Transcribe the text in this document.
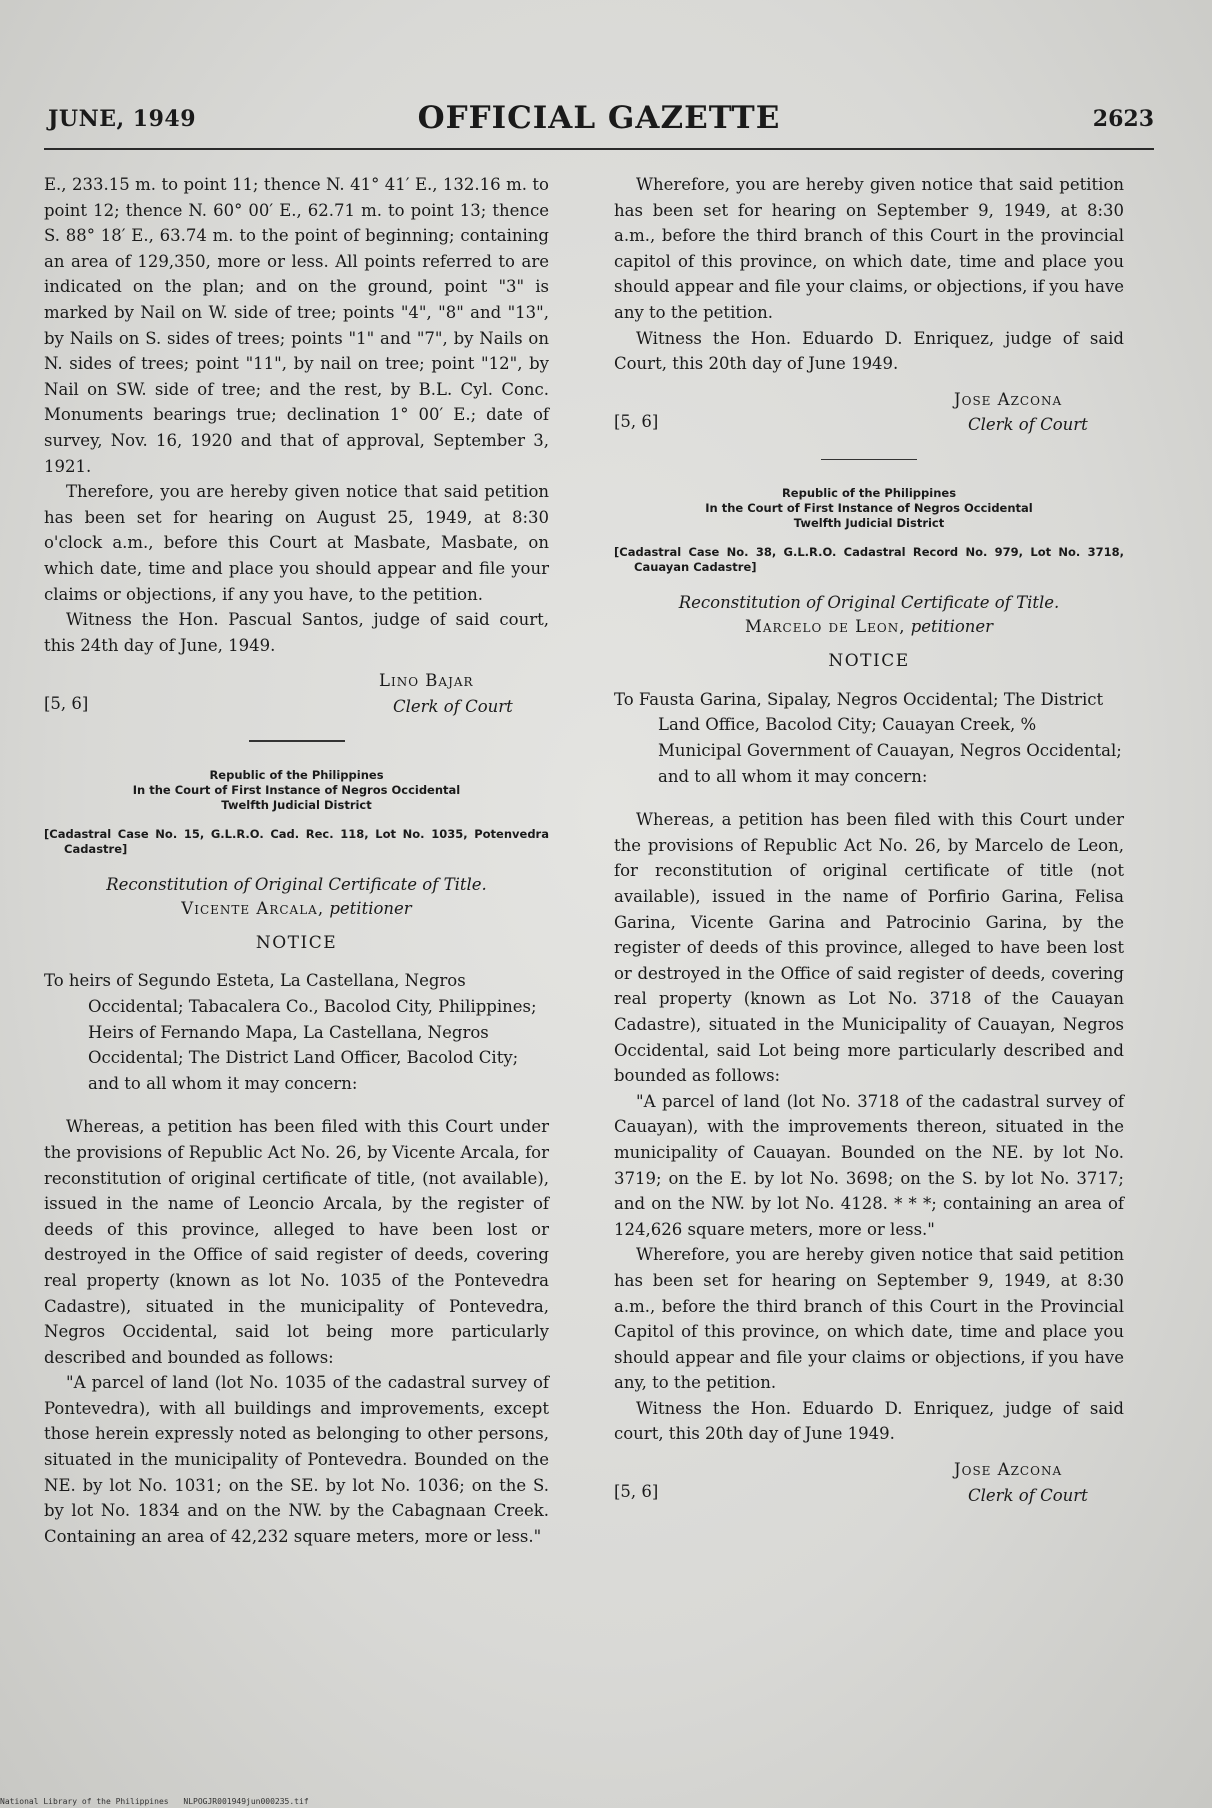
JUNE, 1949	OFFICIAL GAZETTE	2623

E., 233.15 m. to point 11; thence N. 41° 41′ E., 132.16 m. to point 12; thence N. 60° 00′ E., 62.71 m. to point 13; thence S. 88° 18′ E., 63.74 m. to the point of beginning; containing an area of 129,350, more or less. All points referred to are indicated on the plan; and on the ground, point "3" is marked by Nail on W. side of tree; points "4", "8" and "13", by Nails on S. sides of trees; points "1" and "7", by Nails on N. sides of trees; point "11", by nail on tree; point "12", by Nail on SW. side of tree; and the rest, by B.L. Cyl. Conc. Monuments bearings true; declination 1° 00′ E.; date of survey, Nov. 16, 1920 and that of approval, September 3, 1921.

Therefore, you are hereby given notice that said petition has been set for hearing on August 25, 1949, at 8:30 o'clock a.m., before this Court at Masbate, Masbate, on which date, time and place you should appear and file your claims or objections, if any you have, to the petition.

Witness the Hon. Pascual Santos, judge of said court, this 24th day of June, 1949.

[5, 6]
Lino Bajar
Clerk of Court
Republic of the Philippines
In the Court of First Instance of Negros Occidental
Twelfth Judicial District

[Cadastral Case No. 15, G.L.R.O. Cad. Rec. 118, Lot No. 1035, Potenvedra Cadastre]

Reconstitution of Original Certificate of Title.
Vicente Arcala, petitioner
NOTICE

To heirs of Segundo Esteta, La Castellana, Negros Occidental; Tabacalera Co., Bacolod City, Philippines; Heirs of Fernando Mapa, La Castellana, Negros Occidental; The District Land Officer, Bacolod City; and to all whom it may concern:

Whereas, a petition has been filed with this Court under the provisions of Republic Act No. 26, by Vicente Arcala, for reconstitution of original certificate of title, (not available), issued in the name of Leoncio Arcala, by the register of deeds of this province, alleged to have been lost or destroyed in the Office of said register of deeds, covering real property (known as lot No. 1035 of the Pontevedra Cadastre), situated in the municipality of Pontevedra, Negros Occidental, said lot being more particularly described and bounded as follows:

"A parcel of land (lot No. 1035 of the cadastral survey of Pontevedra), with all buildings and improvements, except those herein expressly noted as belonging to other persons, situated in the municipality of Pontevedra. Bounded on the NE. by lot No. 1031; on the SE. by lot No. 1036; on the S. by lot No. 1834 and on the NW. by the Cabagnaan Creek. Containing an area of 42,232 square meters, more or less."

Wherefore, you are hereby given notice that said petition has been set for hearing on September 9, 1949, at 8:30 a.m., before the third branch of this Court in the provincial capitol of this province, on which date, time and place you should appear and file your claims, or objections, if you have any to the petition.

Witness the Hon. Eduardo D. Enriquez, judge of said Court, this 20th day of June 1949.

[5, 6]
Jose Azcona
Clerk of Court
Republic of the Philippines
In the Court of First Instance of Negros Occidental
Twelfth Judicial District

[Cadastral Case No. 38, G.L.R.O. Cadastral Record No. 979, Lot No. 3718, Cauayan Cadastre]

Reconstitution of Original Certificate of Title.
Marcelo de Leon, petitioner
NOTICE

To Fausta Garina, Sipalay, Negros Occidental; The District Land Office, Bacolod City; Cauayan Creek, % Municipal Government of Cauayan, Negros Occidental; and to all whom it may concern:

Whereas, a petition has been filed with this Court under the provisions of Republic Act No. 26, by Marcelo de Leon, for reconstitution of original certificate of title (not available), issued in the name of Porfirio Garina, Felisa Garina, Vicente Garina and Patrocinio Garina, by the register of deeds of this province, alleged to have been lost or destroyed in the Office of said register of deeds, covering real property (known as Lot No. 3718 of the Cauayan Cadastre), situated in the Municipality of Cauayan, Negros Occidental, said Lot being more particularly described and bounded as follows:

"A parcel of land (lot No. 3718 of the cadastral survey of Cauayan), with the improvements thereon, situated in the municipality of Cauayan. Bounded on the NE. by lot No. 3719; on the E. by lot No. 3698; on the S. by lot No. 3717; and on the NW. by lot No. 4128. * * *; containing an area of 124,626 square meters, more or less."

Wherefore, you are hereby given notice that said petition has been set for hearing on September 9, 1949, at 8:30 a.m., before the third branch of this Court in the Provincial Capitol of this province, on which date, time and place you should appear and file your claims or objections, if you have any, to the petition.

Witness the Hon. Eduardo D. Enriquez, judge of said court, this 20th day of June 1949.

[5, 6]
Jose Azcona
Clerk of Court
National Library of the Philippines NLPOGJR001949jun000235.tif
